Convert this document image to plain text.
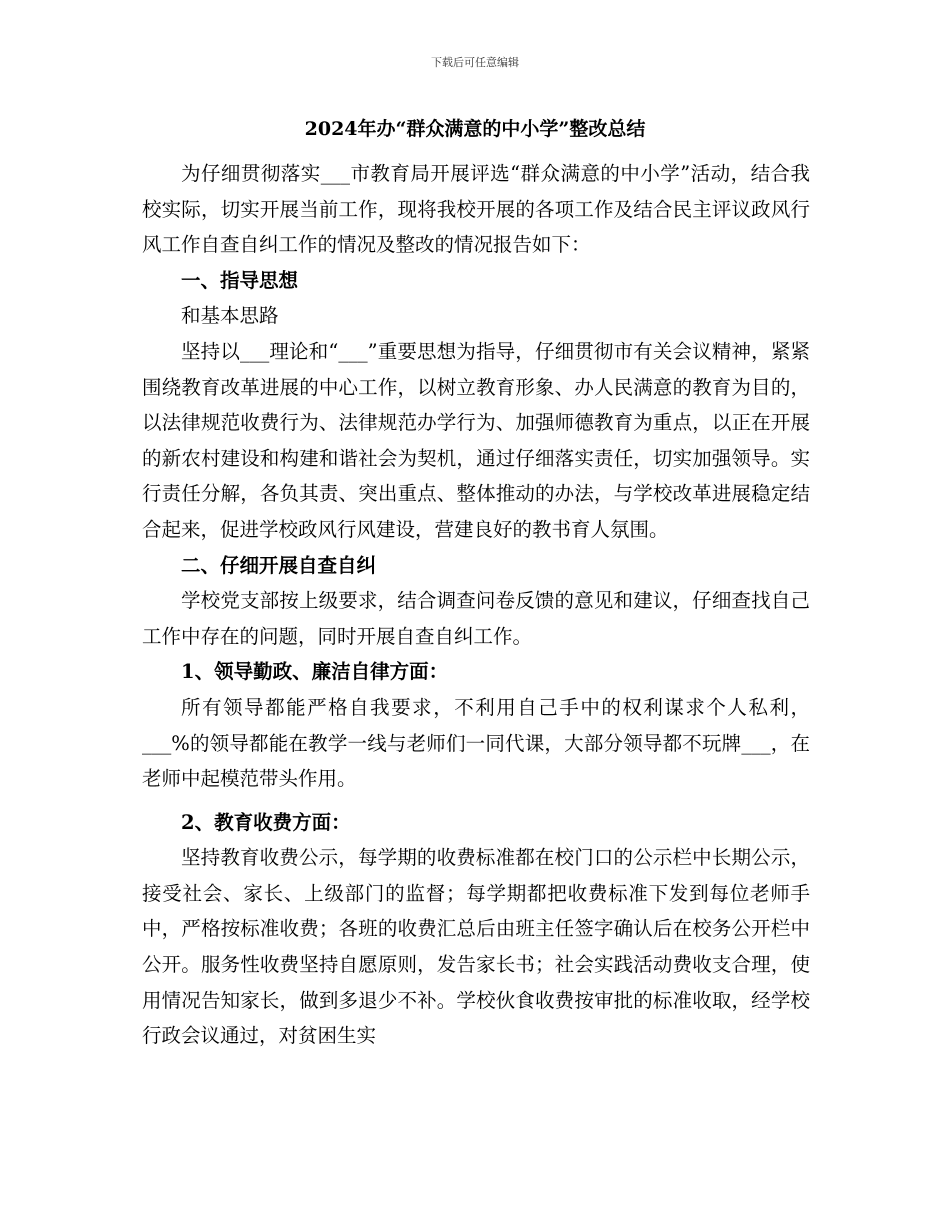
下载后可任意编辑
2024年办“群众满意的中小学”整改总结

为仔细贯彻落实___市教育局开展评选“群众满意的中小学”活动，结合我校实际，切实开展当前工作，现将我校开展的各项工作及结合民主评议政风行风工作自查自纠工作的情况及整改的情况报告如下：

一、指导思想

和基本思路

坚持以___理论和“___”重要思想为指导，仔细贯彻市有关会议精神，紧紧围绕教育改革进展的中心工作，以树立教育形象、办人民满意的教育为目的，以法律规范收费行为、法律规范办学行为、加强师德教育为重点，以正在开展的新农村建设和构建和谐社会为契机，通过仔细落实责任，切实加强领导。实行责任分解，各负其责、突出重点、整体推动的办法，与学校改革进展稳定结合起来，促进学校政风行风建设，营建良好的教书育人氛围。

二、仔细开展自查自纠

学校党支部按上级要求，结合调查问卷反馈的意见和建议，仔细查找自己工作中存在的问题，同时开展自查自纠工作。

1、领导勤政、廉洁自律方面：

所有领导都能严格自我要求，不利用自己手中的权利谋求个人私利，___%的领导都能在教学一线与老师们一同代课，大部分领导都不玩牌___，在老师中起模范带头作用。

2、教育收费方面：

坚持教育收费公示，每学期的收费标准都在校门口的公示栏中长期公示，接受社会、家长、上级部门的监督；每学期都把收费标准下发到每位老师手中，严格按标准收费；各班的收费汇总后由班主任签字确认后在校务公开栏中公开。服务性收费坚持自愿原则，发告家长书；社会实践活动费收支合理，使用情况告知家长，做到多退少不补。学校伙食收费按审批的标准收取，经学校行政会议通过，对贫困生实
